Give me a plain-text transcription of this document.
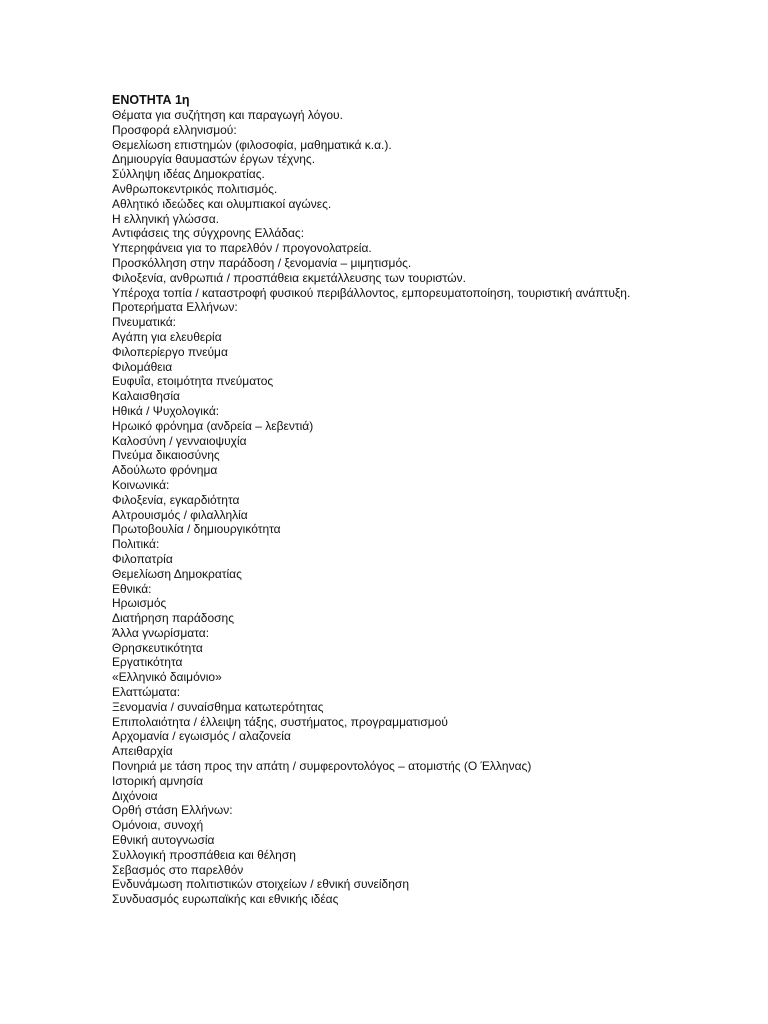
ΕΝΟΤΗΤΑ 1η
Θέματα για συζήτηση και παραγωγή λόγου.
Προσφορά ελληνισμού:
Θεμελίωση επιστημών (φιλοσοφία, μαθηματικά κ.α.).
Δημιουργία θαυμαστών έργων τέχνης.
Σύλληψη ιδέας Δημοκρατίας.
Ανθρωποκεντρικός πολιτισμός.
Αθλητικό ιδεώδες και ολυμπιακοί αγώνες.
Η ελληνική γλώσσα.
Αντιφάσεις της σύγχρονης Ελλάδας:
Υπερηφάνεια για το παρελθόν / προγονολατρεία.
Προσκόλληση στην παράδοση / ξενομανία – μιμητισμός.
Φιλοξενία, ανθρωπιά / προσπάθεια εκμετάλλευσης των τουριστών.
Υπέροχα τοπία / καταστροφή φυσικού περιβάλλοντος, εμπορευματοποίηση, τουριστική ανάπτυξη.
Προτερήματα Ελλήνων:
Πνευματικά:
Αγάπη για ελευθερία
Φιλοπερίεργο πνεύμα
Φιλομάθεια
Ευφυΐα, ετοιμότητα πνεύματος
Καλαισθησία
Ηθικά / Ψυχολογικά:
Ηρωικό φρόνημα (ανδρεία – λεβεντιά)
Καλοσύνη / γενναιοψυχία
Πνεύμα δικαιοσύνης
Αδούλωτο φρόνημα
Κοινωνικά:
Φιλοξενία, εγκαρδιότητα
Αλτρουισμός / φιλαλληλία
Πρωτοβουλία / δημιουργικότητα
Πολιτικά:
Φιλοπατρία
Θεμελίωση Δημοκρατίας
Εθνικά:
Ηρωισμός
Διατήρηση παράδοσης
Άλλα γνωρίσματα:
Θρησκευτικότητα
Εργατικότητα
«Ελληνικό δαιμόνιο»
Ελαττώματα:
Ξενομανία / συναίσθημα κατωτερότητας
Επιπολαιότητα / έλλειψη τάξης, συστήματος, προγραμματισμού
Αρχομανία / εγωισμός / αλαζονεία
Απειθαρχία
Πονηριά με τάση προς την απάτη / συμφεροντολόγος – ατομιστής (Ο Έλληνας)
Ιστορική αμνησία
Διχόνοια
Ορθή στάση Ελλήνων:
Ομόνοια, συνοχή
Εθνική αυτογνωσία
Συλλογική προσπάθεια και θέληση
Σεβασμός στο παρελθόν
Ενδυνάμωση πολιτιστικών στοιχείων / εθνική συνείδηση
Συνδυασμός ευρωπαϊκής και εθνικής ιδέας
